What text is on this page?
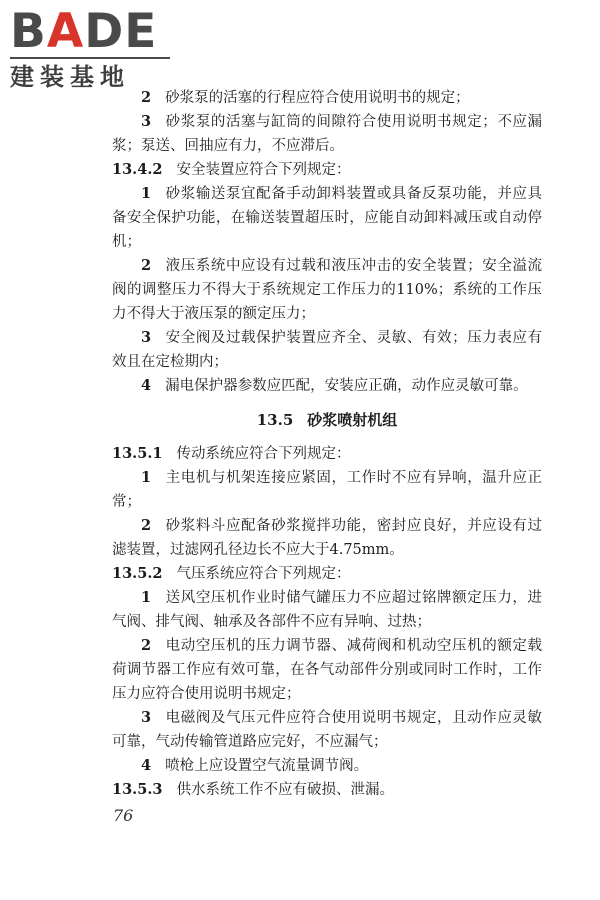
BADE
建装基地

2 砂浆泵的活塞的行程应符合使用说明书的规定；

3 砂浆泵的活塞与缸筒的间隙符合使用说明书规定；不应漏浆；泵送、回抽应有力，不应滞后。

13.4.2 安全装置应符合下列规定：

1 砂浆输送泵宜配备手动卸料装置或具备反泵功能，并应具备安全保护功能，在输送装置超压时，应能自动卸料减压或自动停机；

2 液压系统中应设有过载和液压冲击的安全装置；安全溢流阀的调整压力不得大于系统规定工作压力的110%；系统的工作压力不得大于液压泵的额定压力；

3 安全阀及过载保护装置应齐全、灵敏、有效；压力表应有效且在定检期内；

4 漏电保护器参数应匹配，安装应正确，动作应灵敏可靠。

13.5 砂浆喷射机组

13.5.1 传动系统应符合下列规定：

1 主电机与机架连接应紧固，工作时不应有异响，温升应正常；

2 砂浆料斗应配备砂浆搅拌功能，密封应良好，并应设有过滤装置，过滤网孔径边长不应大于4.75mm。

13.5.2 气压系统应符合下列规定：

1 送风空压机作业时储气罐压力不应超过铭牌额定压力，进气阀、排气阀、轴承及各部件不应有异响、过热；

2 电动空压机的压力调节器、减荷阀和机动空压机的额定载荷调节器工作应有效可靠，在各气动部件分别或同时工作时，工作压力应符合使用说明书规定；

3 电磁阀及气压元件应符合使用说明书规定，且动作应灵敏可靠，气动传输管道路应完好，不应漏气；

4 喷枪上应设置空气流量调节阀。

13.5.3 供水系统工作不应有破损、泄漏。

76
